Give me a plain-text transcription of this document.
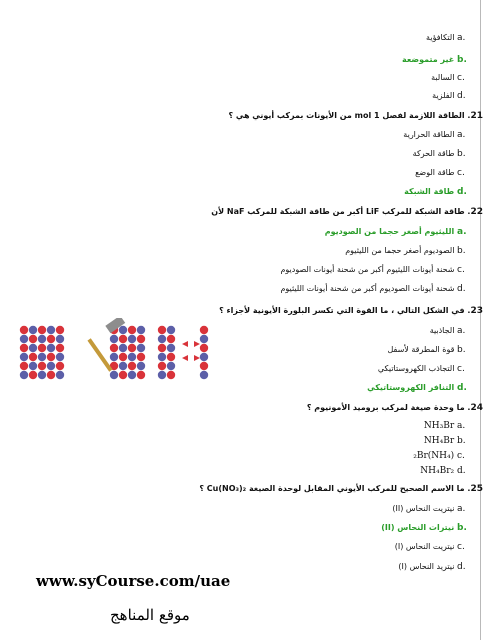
.a التكافؤية
.b غير متموضعة
.c السالبة
.d الفلزية
21. الطاقة اللازمة لفصل 1 mol من الأيونات بمركب أيوني هي ؟
.a الطاقة الحرارية
.b طاقة الحركة
.c طاقة الوضع
.d طاقة الشبكة
22. طاقة الشبكة للمركب LiF أكبر من طاقة الشبكة للمركب NaF لأن
.a الليثيوم أصغر حجما من الصوديوم
.b الصوديوم أصغر حجما من الليثيوم
.c شحنة أيونات الليثيوم أكبر من شحنة أيونات الصوديوم
.d شحنة أيونات الصوديوم أكبر من شحنة أيونات الليثيوم
23. في الشكل التالي ، ما القوة التي تكسر البلورة الأيونية لأجزاء ؟
.a الجاذبية
.b قوة المطرقة لأسفل
.c التجاذب الكهروستاتيكي
.d التنافر الكهروستاتيكي
24. ما وحدة صيغة لمركب بروميد الأمونيوم ؟
.a NH₃Br
.b NH₄Br
.c (NH₄)₂Br
.d NH₄Br₂
25. ما الاسم الصحيح للمركب الأيوني المقابل لوحدة الصيغة Cu(NO₃)₂ ؟
.a نيتريت النحاس (II)
.b نيترات النحاس (II)
.c نيتريت النحاس (I)
.d نيتريد النحاس (I)
www.syCourse.com/uae
موقع المناهج
